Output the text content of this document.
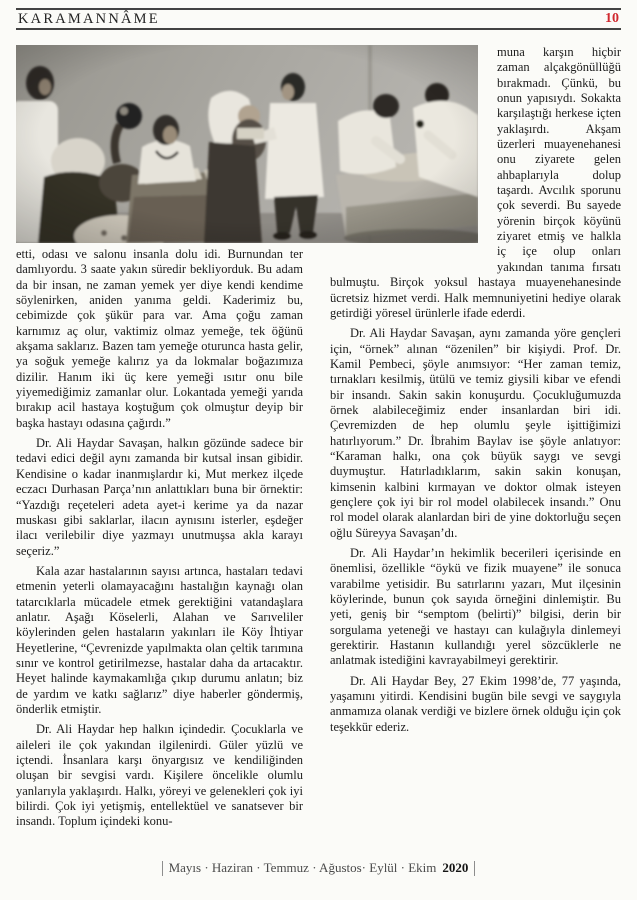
KARAMANNÂME	10

etti, odası ve salonu insanla dolu idi. Burnundan ter damlıyordu. 3 saate yakın süredir bekliyorduk. Bu adam da bir insan, ne zaman yemek yer diye kendi kendime söylenirken, aniden yanıma geldi. Kaderimiz bu, cebimizde çok şükür para var. Ama çoğu zaman karnımız aç olur, vaktimiz olmaz yemeğe, tek öğünü akşama saklarız. Bazen tam yemeğe oturunca hasta gelir, ya soğuk yemeğe kalırız ya da lokmalar boğazımıza dizilir. Hanım iki üç kere yemeği ısıtır onu bile yiyemediğimiz zamanlar olur. Lokantada yemeği yarıda bırakıp acil hastaya koştuğum çok olmuştur deyip bir başka hastayı odasına çağırdı.”

Dr. Ali Haydar Savaşan, halkın gözünde sadece bir tedavi edici değil aynı zamanda bir kutsal insan gibidir. Kendisine o kadar inanmışlardır ki, Mut merkez ilçede eczacı Durhasan Parça’nın anlattıkları buna bir örnektir: “Yazdığı reçeteleri adeta ayet-i kerime ya da nazar muskası gibi saklarlar, ilacın aynısını isterler, eşdeğer ilacı verilebilir diye yazmayı unutmuşsa akla karayı seçeriz.”

Kala azar hastalarının sayısı artınca, hastaları tedavi etmenin yeterli olamayacağını hastalığın kaynağı olan tatarcıklarla mücadele etmek gerektiğini vatandaşlara anlatır. Aşağı Köselerli, Alahan ve Sarıveliler köylerinden gelen hastaların yakınları ile Köy İhtiyar Heyetlerine, “Çevrenizde yapılmakta olan çeltik tarımına sınır ve kontrol getirilmezse, hastalar daha da artacaktır. Heyet halinde kaymakamlığa çıkıp durumu anlatın; biz de yardım ve katkı sağlarız” diye haberler göndermiş, önderlik etmiştir.

Dr. Ali Haydar hep halkın içindedir. Çocuklarla ve aileleri ile çok yakından ilgilenirdi. Güler yüzlü ve içtendi. İnsanlara karşı önyargısız ve kendiliğinden oluşan bir sevgisi vardı. Kişilere öncelikle olumlu yanlarıyla yaklaşırdı. Halkı, yöreyi ve gelenekleri çok iyi bilirdi. Çok iyi yetişmiş, entellektüel ve sanatsever bir insandı. Toplum içindeki konu-

muna karşın hiçbir zaman alçakgönüllüğü bırakmadı. Çünkü, bu onun yapısıydı. Sokakta karşılaştığı herkese içten yaklaşırdı. Akşam üzerleri muayenehanesi onu ziyarete gelen ahbaplarıyla dolup taşardı. Avcılık sporunu çok severdi. Bu sayede yörenin birçok köyünü ziyaret etmiş ve halkla iç içe olup onları yakından tanıma fırsatı bulmuştu. Birçok yoksul hastaya muayenehanesinde ücretsiz hizmet verdi. Halk memnuniyetini hediye olarak getirdiği yöresel ürünlerle ifade ederdi.

Dr. Ali Haydar Savaşan, aynı zamanda yöre gençleri için, “örnek” alınan “özenilen” bir kişiydi. Prof. Dr. Kamil Pembeci, şöyle anımsıyor: “Her zaman temiz, tırnakları kesilmiş, ütülü ve temiz giysili kibar ve efendi bir insandı. Sakin sakin konuşurdu. Çocukluğumuzda örnek alabileceğimiz ender insanlardan biri idi. Çevremizden de hep olumlu şeyle işittiğimizi hatırlıyorum.” Dr. İbrahim Baylav ise şöyle anlatıyor: “Karaman halkı, ona çok büyük saygı ve sevgi duymuştur. Hatırladıklarım, sakin sakin konuşan, kimsenin kalbini kırmayan ve doktor olmak isteyen gençlere çok iyi bir rol model olabilecek insandı.” Onu rol model olarak alanlardan biri de yine doktorluğu seçen oğlu Süreyya Savaşan’dı.

Dr. Ali Haydar’ın hekimlik becerileri içerisinde en önemlisi, özellikle “öykü ve fizik muayene” ile sonuca varabilme yetisidir. Bu satırlarını yazarı, Mut ilçesinin köylerinde, bunun çok sayıda örneğini dinlemiştir. Bu yeti, geniş bir “semptom (belirti)” bilgisi, derin bir sorgulama yeteneği ve hastayı can kulağıyla dinlemeyi gerektirir. Hastanın kullandığı yerel sözcüklerle ne anlatmak istediğini kavrayabilmeyi gerektirir.

Dr. Ali Haydar Bey, 27 Ekim 1998’de, 77 yaşında, yaşamını yitirdi. Kendisini bugün bile sevgi ve saygıyla anmamıza olanak verdiği ve bizlere örnek olduğu için çok teşekkür ederiz.

Mayıs · Haziran · Temmuz · Ağustos· Eylül · Ekim 2020
